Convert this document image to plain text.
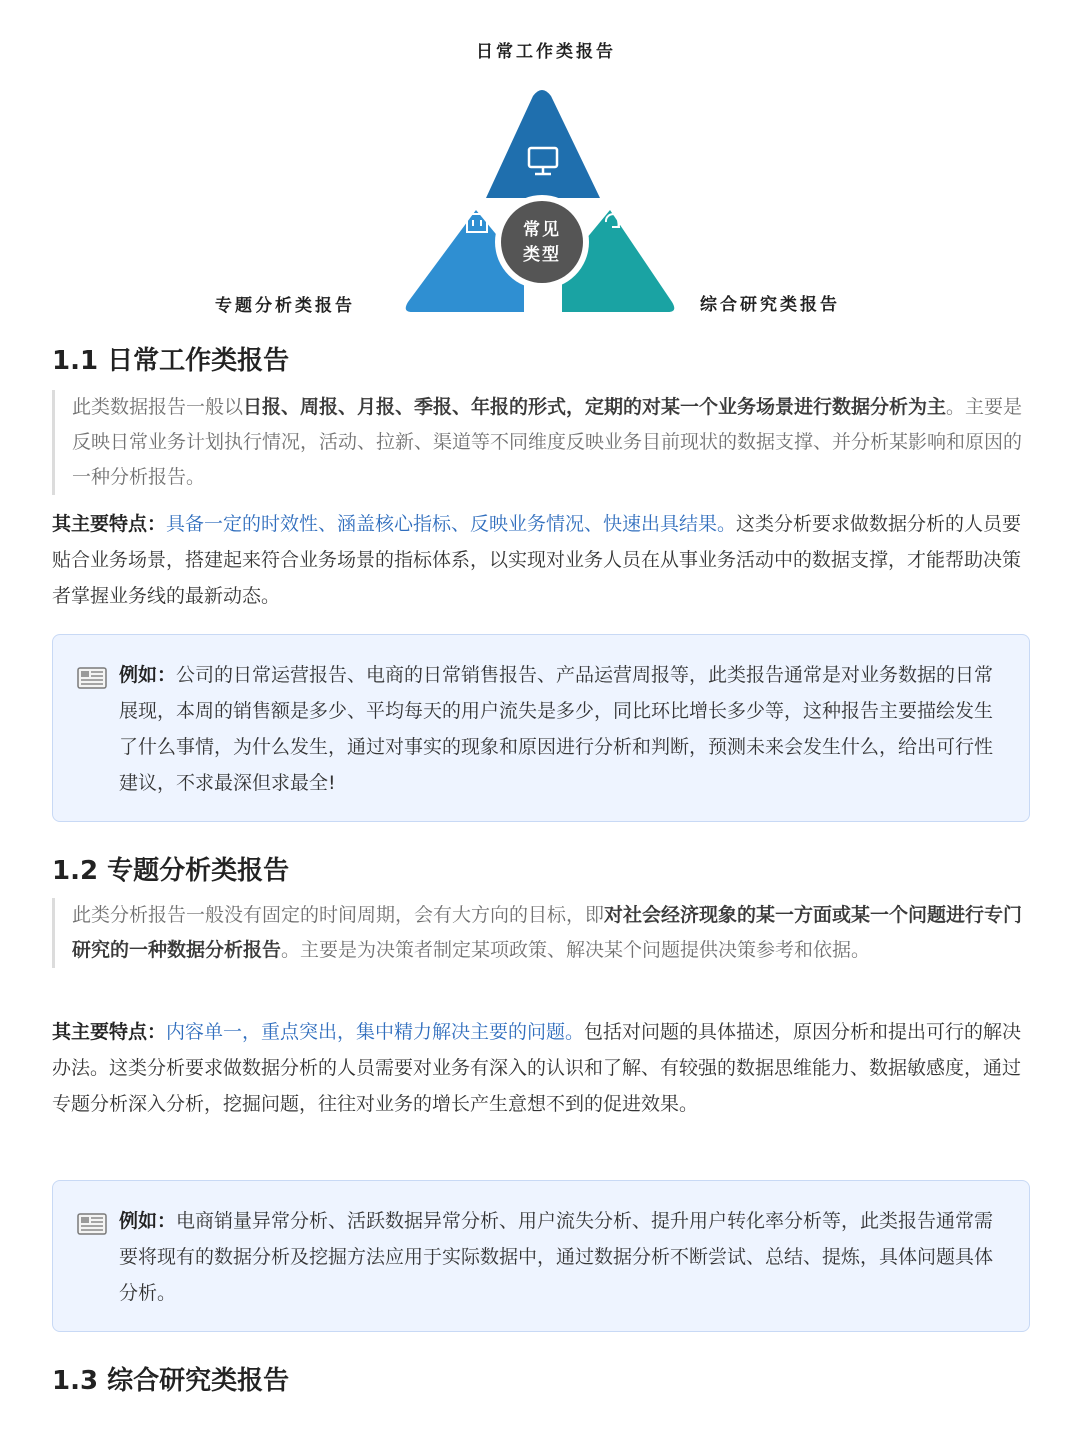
日常工作类报告
常见
类型
专题分析类报告	综合研究类报告
1.1 日常工作类报告
此类数据报告一般以日报、周报、月报、季报、年报的形式，定期的对某一个业务场景进行数据分析为主。主要是反映日常业务计划执行情况，活动、拉新、渠道等不同维度反映业务目前现状的数据支撑、并分析某影响和原因的一种分析报告。
其主要特点：具备一定的时效性、涵盖核心指标、反映业务情况、快速出具结果。这类分析要求做数据分析的人员要贴合业务场景，搭建起来符合业务场景的指标体系，以实现对业务人员在从事业务活动中的数据支撑，才能帮助决策者掌握业务线的最新动态。
例如：公司的日常运营报告、电商的日常销售报告、产品运营周报等，此类报告通常是对业务数据的日常展现，本周的销售额是多少、平均每天的用户流失是多少，同比环比增长多少等，这种报告主要描绘发生了什么事情，为什么发生，通过对事实的现象和原因进行分析和判断，预测未来会发生什么，给出可行性建议，不求最深但求最全!
1.2 专题分析类报告
此类分析报告一般没有固定的时间周期，会有大方向的目标，即对社会经济现象的某一方面或某一个问题进行专门研究的一种数据分析报告。主要是为决策者制定某项政策、解决某个问题提供决策参考和依据。
其主要特点：内容单一，重点突出，集中精力解决主要的问题。包括对问题的具体描述，原因分析和提出可行的解决办法。这类分析要求做数据分析的人员需要对业务有深入的认识和了解、有较强的数据思维能力、数据敏感度，通过专题分析深入分析，挖掘问题，往往对业务的增长产生意想不到的促进效果。
例如：电商销量异常分析、活跃数据异常分析、用户流失分析、提升用户转化率分析等，此类报告通常需要将现有的数据分析及挖掘方法应用于实际数据中，通过数据分析不断尝试、总结、提炼，具体问题具体分析。
1.3 综合研究类报告
